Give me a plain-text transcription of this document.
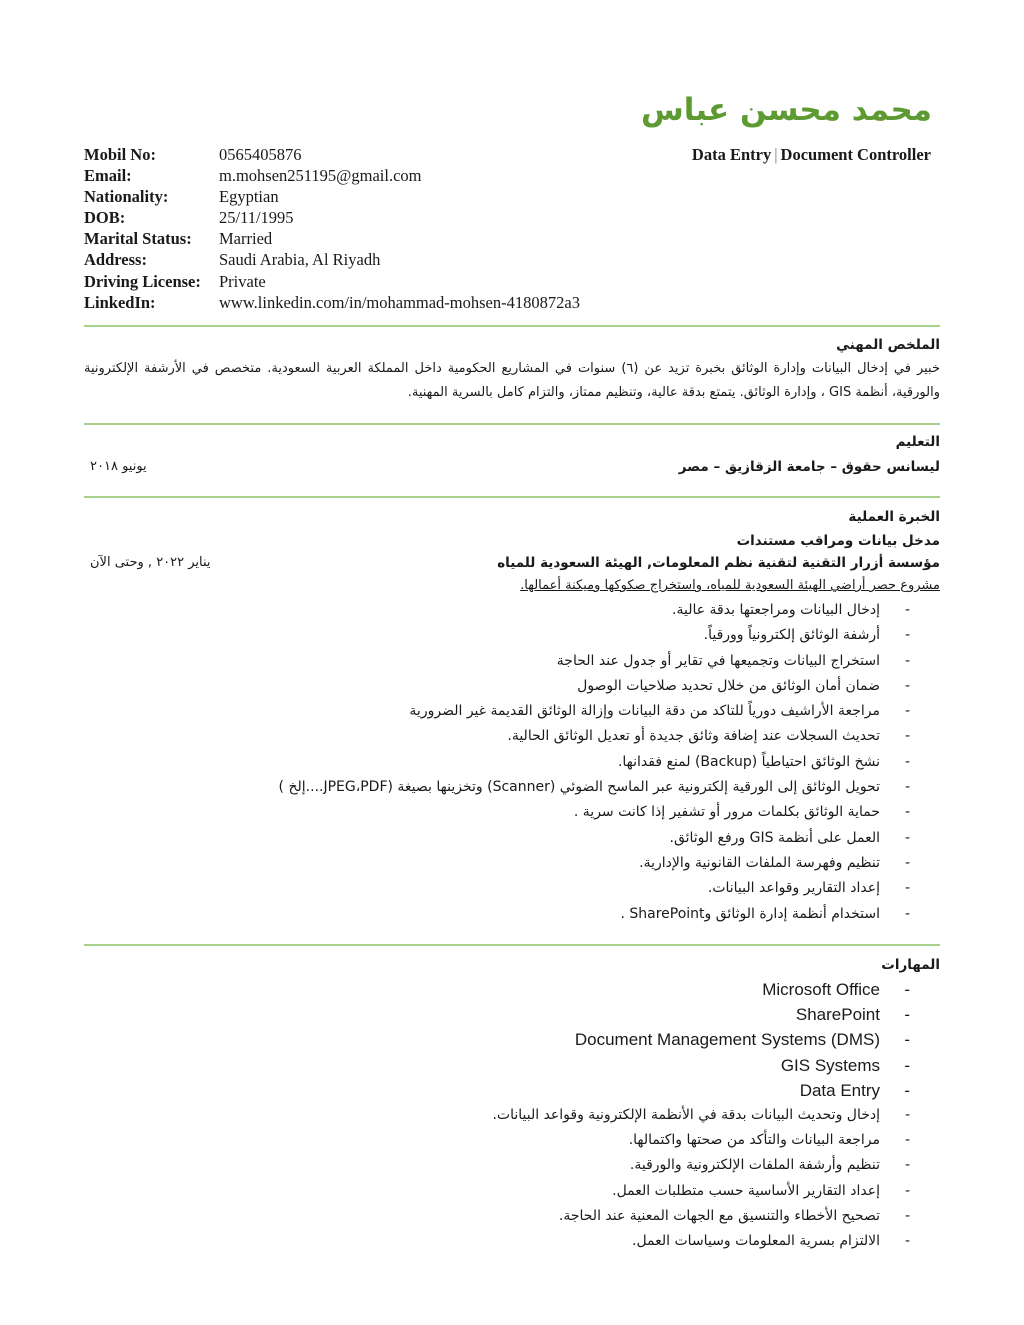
محمد محسن عباس
Data Entry | Document Controller
Mobil No:	0565405876
Email:	m.mohsen251195@gmail.com
Nationality:	Egyptian
DOB:	25/11/1995
Marital Status: Married
Address:	Saudi Arabia, Al Riyadh
Driving License: Private
LinkedIn:	www.linkedin.com/in/mohammad-mohsen-4180872a3
الملخص المهني
خبير في إدخال البيانات وإدارة الوثائق بخبرة تزيد عن (٦) سنوات في المشاريع الحكومية داخل المملكة العربية السعودية. متخصص في الأرشفة الإلكترونية والورقية، أنظمة GIS ، وإدارة الوثائق. يتمتع بدقة عالية، وتنظيم ممتاز، والتزام كامل بالسرية المهنية.
التعليم
ليسانس حقوق – جامعة الزقازيق – مصر
يونيو ٢٠١٨
الخبرة العملية
مدخل بيانات ومراقب مستندات
مؤسسة أزرار التقنية لتقنية نظم المعلومات, الهيئة السعودية للمياه
يناير ٢٠٢٢ , وحتى الآن
مشروع حصر أراضي الهيئة السعودية للمياه، واستخراج صكوكها وميكنة أعمالها.
- إدخال البيانات ومراجعتها بدقة عالية.
- أرشفة الوثائق إلكترونياً وورقياً.
- استخراج البيانات وتجميعها في تقاير أو جدول عند الحاجة
- ضمان أمان الوثائق من خلال تحديد صلاحيات الوصول
- مراجعة الأراشيف دورياً للتاكد من دقة البيانات وإزالة الوثائق القديمة غير الضرورية
- تحديث السجلات عند إضافة وثائق جديدة أو تعديل الوثائق الحالية.
- نشخ الوثائق احتياطياً (Backup) لمنع فقدانها.
- تحويل الوثائق إلى الورقية إلكترونية عبر الماسح الضوئي (Scanner) وتخزينها بصيغة (JPEG،PDF....إلخ )
- حماية الوثائق بكلمات مرور أو تشفير إذا كانت سرية .
- العمل على أنظمة GIS ورفع الوثائق.
- تنظيم وفهرسة الملفات القانونية والإدارية.
- إعداد التقارير وقواعد البيانات.
- استخدام أنظمة إدارة الوثائق وSharePoint .
المهارات
- Microsoft Office
- SharePoint
- Document Management Systems (DMS)
- GIS Systems
- Data Entry
- إدخال وتحديث البيانات بدقة في الأنظمة الإلكترونية وقواعد البيانات.
- مراجعة البيانات والتأكد من صحتها واكتمالها.
- تنظيم وأرشفة الملفات الإلكترونية والورقية.
- إعداد التقارير الأساسية حسب متطلبات العمل.
- تصحيح الأخطاء والتنسيق مع الجهات المعنية عند الحاجة.
- الالتزام بسرية المعلومات وسياسات العمل.
